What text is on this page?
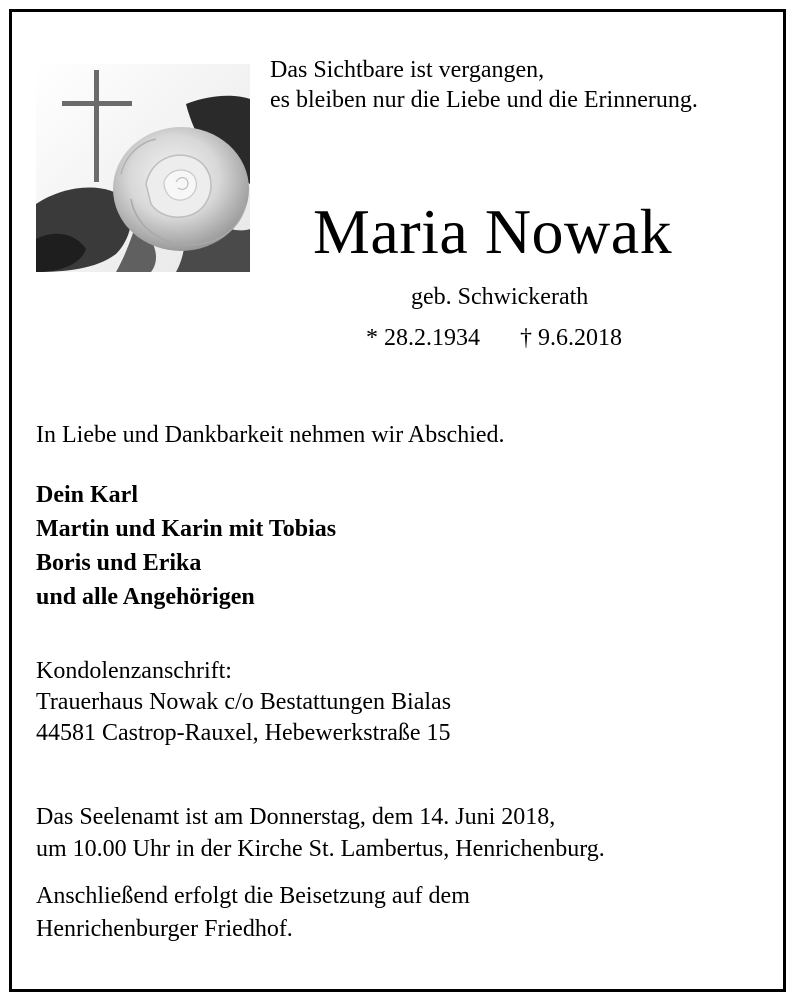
Das Sichtbare ist vergangen,
es bleiben nur die Liebe und die Erinnerung.
Maria Nowak
geb. Schwickerath
* 28.2.1934 † 9.6.2018
In Liebe und Dankbarkeit nehmen wir Abschied.
Dein Karl
Martin und Karin mit Tobias
Boris und Erika
und alle Angehörigen
Kondolenzanschrift:
Trauerhaus Nowak c/o Bestattungen Bialas
44581 Castrop-Rauxel, Hebewerkstraße 15
Das Seelenamt ist am Donnerstag, dem 14. Juni 2018,
um 10.00 Uhr in der Kirche St. Lambertus, Henrichenburg.
Anschließend erfolgt die Beisetzung auf dem
Henrichenburger Friedhof.
